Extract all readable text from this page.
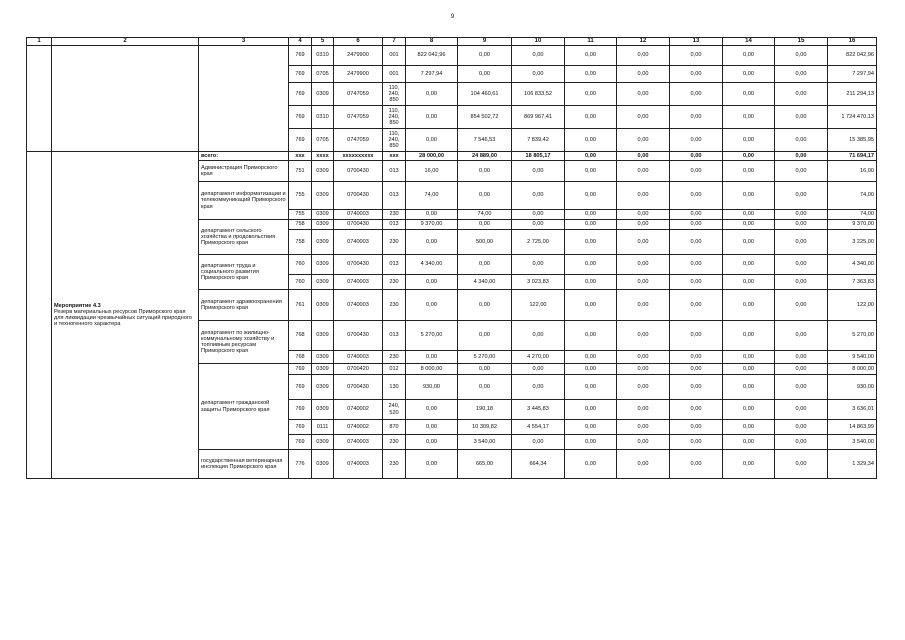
9
1	2	3	4	5	6	7	8	9	10	11	12	13	14	15	16
			769	0310	2479900	001	822 042,96	0,00	0,00	0,00	0,00	0,00	0,00	0,00	822 042,96
			769	0705	2479900	001	7 297,94	0,00	0,00	0,00	0,00	0,00	0,00	0,00	7 297,94
			769	0309	0747059	110,
240,
850	0,00	104 460,61	106 833,52	0,00	0,00	0,00	0,00	0,00	211 294,13
			769	0310	0747059	110,
240,
850	0,00	854 502,72	869 967,41	0,00	0,00	0,00	0,00	0,00	1 724 470,13
			769	0705	0747059	110,
240,
850	0,00	7 546,53	7 839,42	0,00	0,00	0,00	0,00	0,00	15 385,95

	Мероприятие 4.3
Резерв материальных ресурсов Приморского края для ликвидации чрезвычайных ситуаций природного и техногенного характера	всего:	xxx	xxxx	xxxxxxxxxx	xxx	28 000,00	24 889,00	18 805,17	0,00	0,00	0,00	0,00	0,00	71 694,17
		Администрация Приморского края	751	0309	0700430	013	16,00	0,00	0,00	0,00	0,00	0,00	0,00	0,00	16,00
		департамент информатизации и телекоммуникаций Приморского края	755	0309	0700430	013	74,00	0,00	0,00	0,00	0,00	0,00	0,00	0,00	74,00
			755	0309	0740003	230	0,00	74,00	0,00	0,00	0,00	0,00	0,00	0,00	74,00
		департамент сельского хозяйства и продовольствия Приморского края	758	0309	0700430	013	9 370,00	0,00	0,00	0,00	0,00	0,00	0,00	0,00	9 370,00
			758	0309	0740003	230	0,00	500,00	2 725,00	0,00	0,00	0,00	0,00	0,00	3 225,00
		департамент труда и социального развития Приморского края	760	0309	0700430	013	4 340,00	0,00	0,00	0,00	0,00	0,00	0,00	0,00	4 340,00
			760	0309	0740003	230	0,00	4 340,00	3 023,83	0,00	0,00	0,00	0,00	0,00	7 363,83
		департамент здравоохранения Приморского края	761	0309	0740003	230	0,00	0,00	122,00	0,00	0,00	0,00	0,00	0,00	122,00
		департамент по жилищно-коммунальному хозяйству и топливным ресурсам Приморского края	768	0309	0700430	013	5 270,00	0,00	0,00	0,00	0,00	0,00	0,00	0,00	5 270,00
			768	0309	0740003	230	0,00	5 270,00	4 270,00	0,00	0,00	0,00	0,00	0,00	9 540,00
		департамент гражданской защиты Приморского края	769	0309	0700420	012	8 000,00	0,00	0,00	0,00	0,00	0,00	0,00	0,00	8 000,00
			769	0309	0700430	130	930,00	0,00	0,00	0,00	0,00	0,00	0,00	0,00	930,00
			769	0309	0740002	240,
520	0,00	190,18	3 445,83	0,00	0,00	0,00	0,00	0,00	3 636,01
			769	0111	0740002	870	0,00	10 309,82	4 554,17	0,00	0,00	0,00	0,00	0,00	14 863,99
			769	0309	0740003	230	0,00	3 540,00	0,00	0,00	0,00	0,00	0,00	0,00	3 540,00
		государственная ветеринарная инспекция Приморского края	776	0309	0740003	230	0,00	665,00	664,34	0,00	0,00	0,00	0,00	0,00	1 329,34
